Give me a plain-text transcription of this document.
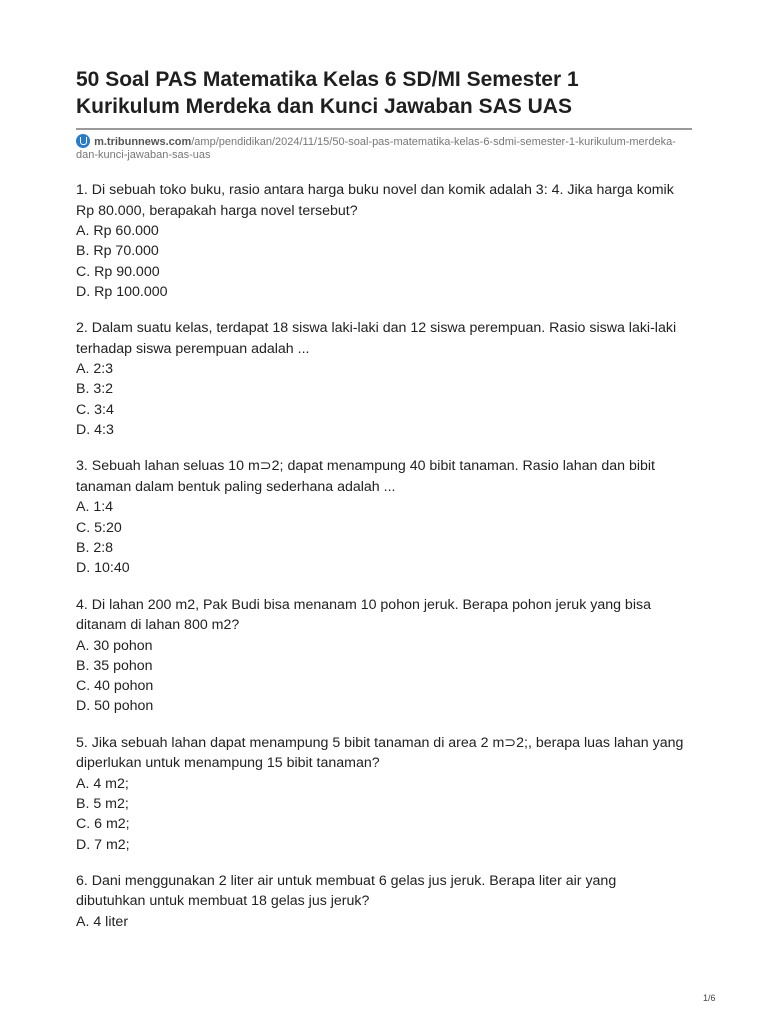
50 Soal PAS Matematika Kelas 6 SD/MI Semester 1 Kurikulum Merdeka dan Kunci Jawaban SAS UAS
m.tribunnews.com/amp/pendidikan/2024/11/15/50-soal-pas-matematika-kelas-6-sdmi-semester-1-kurikulum-merdeka-dan-kunci-jawaban-sas-uas
1. Di sebuah toko buku, rasio antara harga buku novel dan komik adalah 3: 4. Jika harga komik Rp 80.000, berapakah harga novel tersebut?
A. Rp 60.000
B. Rp 70.000
C. Rp 90.000
D. Rp 100.000
2. Dalam suatu kelas, terdapat 18 siswa laki-laki dan 12 siswa perempuan. Rasio siswa laki-laki terhadap siswa perempuan adalah ...
A. 2:3
B. 3:2
C. 3:4
D. 4:3
3. Sebuah lahan seluas 10 m⊃2; dapat menampung 40 bibit tanaman. Rasio lahan dan bibit tanaman dalam bentuk paling sederhana adalah ...
A. 1:4
C. 5:20
B. 2:8
D. 10:40
4. Di lahan 200 m2, Pak Budi bisa menanam 10 pohon jeruk. Berapa pohon jeruk yang bisa ditanam di lahan 800 m2?
A. 30 pohon
B. 35 pohon
C. 40 pohon
D. 50 pohon
5. Jika sebuah lahan dapat menampung 5 bibit tanaman di area 2 m⊃2;, berapa luas lahan yang diperlukan untuk menampung 15 bibit tanaman?
A. 4 m2;
B. 5 m2;
C. 6 m2;
D. 7 m2;
6. Dani menggunakan 2 liter air untuk membuat 6 gelas jus jeruk. Berapa liter air yang dibutuhkan untuk membuat 18 gelas jus jeruk?
A. 4 liter
1/6
